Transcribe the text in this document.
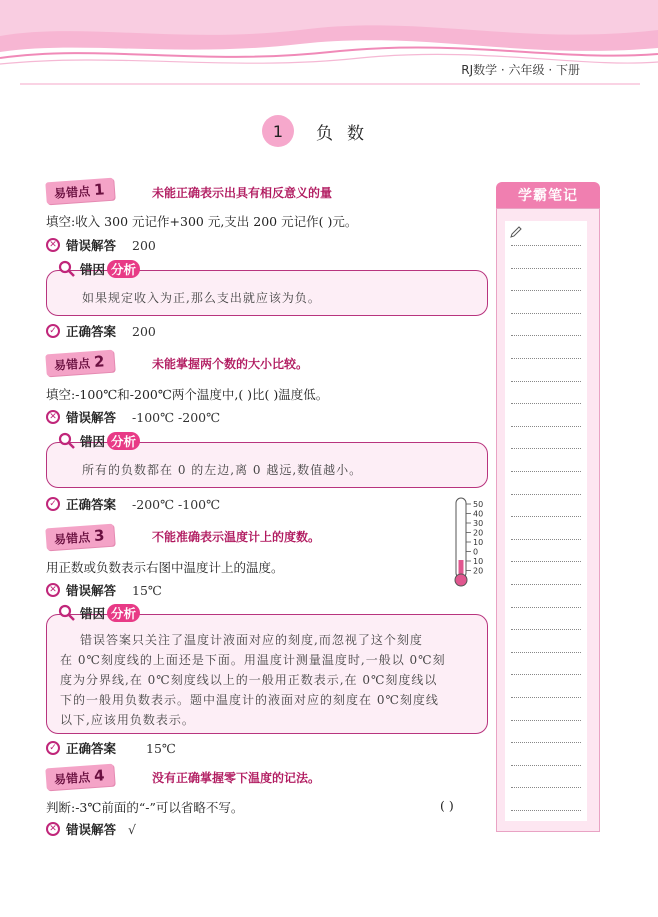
RJ数学 · 六年级 · 下册
1	负数
易错点 1	未能正确表示出具有相反意义的量
填空:收入 300 元记作+300 元,支出 200 元记作( )元。
✕ 错误解答 200
错因 分析
如果规定收入为正,那么支出就应该为负。
✓ 正确答案 200
易错点 2	未能掌握两个数的大小比较。
填空:-100℃和-200℃两个温度中,( )比( )温度低。
✕ 错误解答 -100℃ -200℃
错因 分析
所有的负数都在 0 的左边,离 0 越远,数值越小。
✓ 正确答案 -200℃ -100℃
易错点 3	不能准确表示温度计上的度数。
用正数或负数表示右图中温度计上的温度。
✕ 错误解答 15℃
50
40
30
20
10
0
10
20
错因 分析
错误答案只关注了温度计液面对应的刻度,而忽视了这个刻度
在 0℃刻度线的上面还是下面。用温度计测量温度时,一般以 0℃刻
度为分界线,在 0℃刻度线以上的一般用正数表示,在 0℃刻度线以
下的一般用负数表示。题中温度计的液面对应的刻度在 0℃刻度线
以下,应该用负数表示。
✓ 正确答案 15℃
易错点 4	没有正确掌握零下温度的记法。
判断:-3℃前面的“-”可以省略不写。	( )
✕ 错误解答 √
学霸笔记
